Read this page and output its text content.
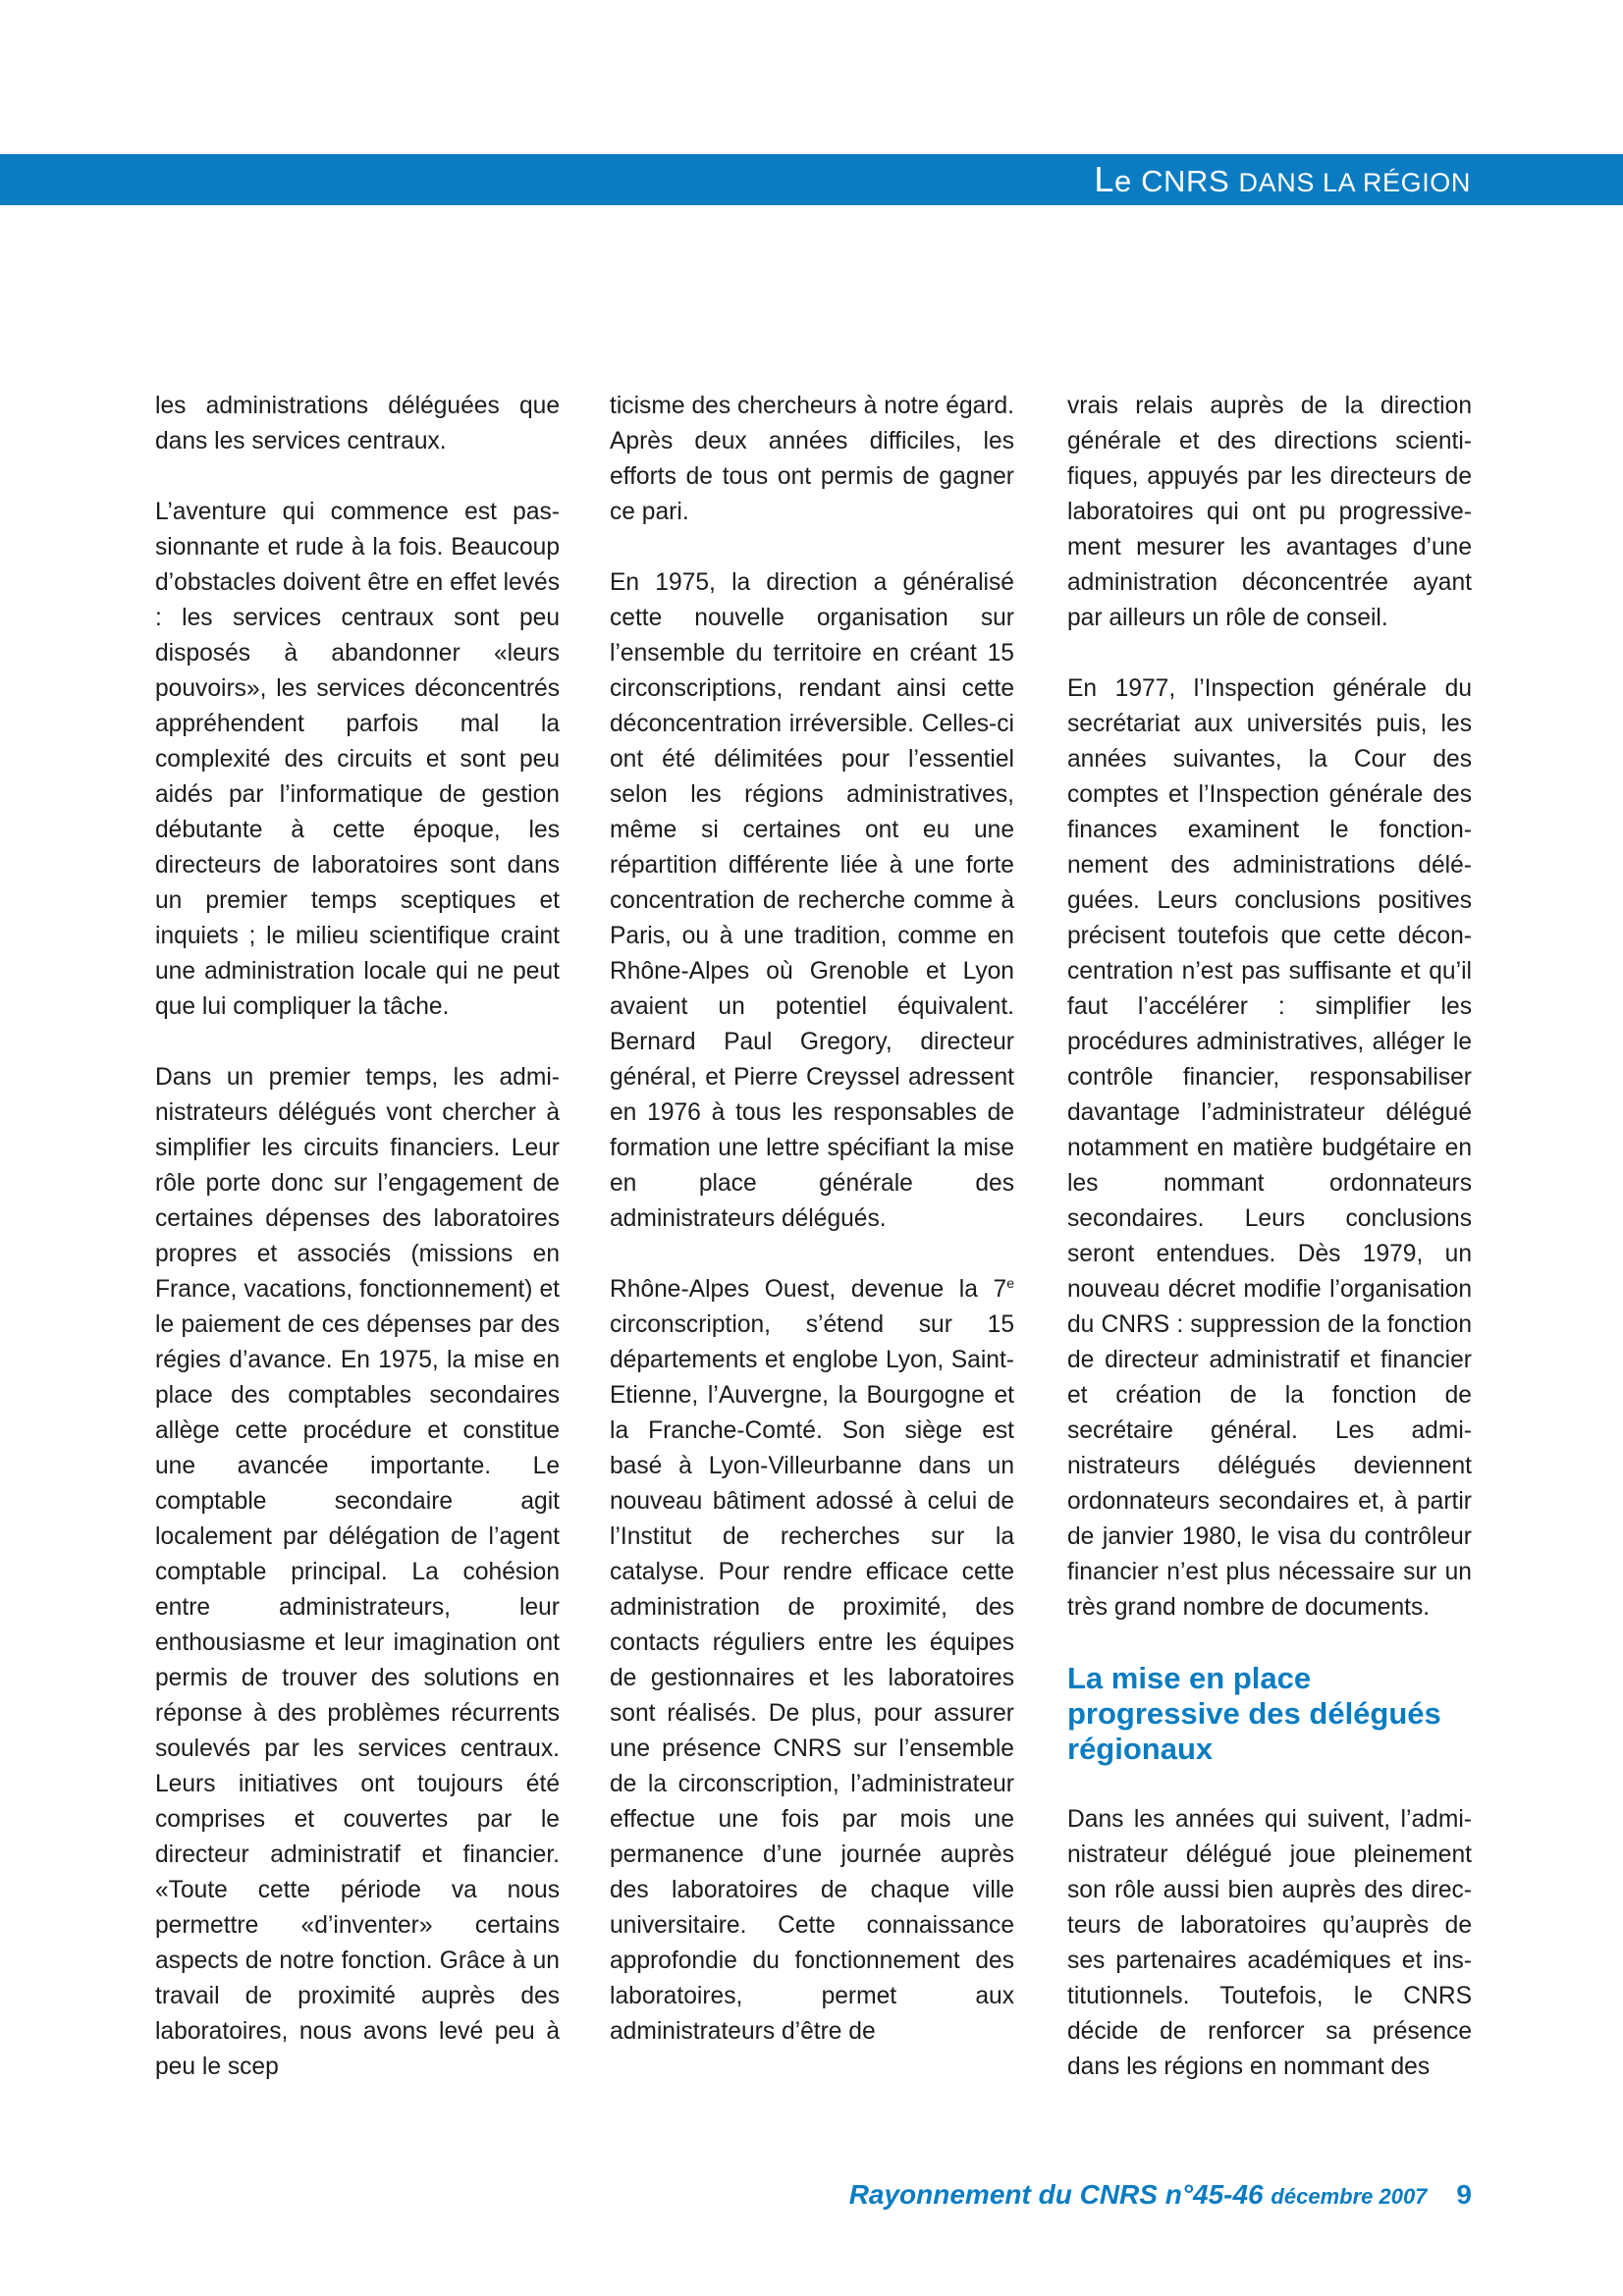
Le CNRS DANS LA RÉGION

les administrations déléguées que dans les services centraux.

L’aventure qui commence est passionnante et rude à la fois. Beaucoup d’obstacles doivent être en effet levés : les services centraux sont peu disposés à abandonner «leurs pouvoirs», les services déconcentrés appréhendent parfois mal la complexité des circuits et sont peu aidés par l’informatique de gestion débutante à cette époque, les directeurs de laboratoires sont dans un premier temps sceptiques et inquiets ; le milieu scientifique craint une administration locale qui ne peut que lui compliquer la tâche.

Dans un premier temps, les administrateurs délégués vont chercher à simplifier les circuits financiers. Leur rôle porte donc sur l’engagement de certaines dépenses des laboratoires propres et associés (missions en France, vacations, fonctionnement) et le paiement de ces dépenses par des régies d’avance. En 1975, la mise en place des comptables secondaires allège cette procédure et constitue une avancée importante. Le comptable secondaire agit localement par délégation de l’agent comptable principal. La cohésion entre administrateurs, leur enthousiasme et leur imagination ont permis de trouver des solutions en réponse à des problèmes récurrents soulevés par les services centraux. Leurs initiatives ont toujours été comprises et couvertes par le directeur administratif et financier. «Toute cette période va nous permettre «d’inventer» certains aspects de notre fonction. Grâce à un travail de proximité auprès des laboratoires, nous avons levé peu à peu le scep

ticisme des chercheurs à notre égard. Après deux années difficiles, les efforts de tous ont permis de gagner ce pari.

En 1975, la direction a généralisé cette nouvelle organisation sur l’ensemble du territoire en créant 15 circonscriptions, rendant ainsi cette déconcentration irréversible. Celles-ci ont été délimitées pour l’essentiel selon les régions administratives, même si certaines ont eu une répartition différente liée à une forte concentration de recherche comme à Paris, ou à une tradition, comme en Rhône-Alpes où Grenoble et Lyon avaient un potentiel équivalent. Bernard Paul Gregory, directeur général, et Pierre Creyssel adressent en 1976 à tous les responsables de formation une lettre spécifiant la mise en place générale des administrateurs délégués.

Rhône-Alpes Ouest, devenue la 7e circonscription, s’étend sur 15 départements et englobe Lyon, Saint-Etienne, l’Auvergne, la Bourgogne et la Franche-Comté. Son siège est basé à Lyon-Villeurbanne dans un nouveau bâtiment adossé à celui de l’Institut de recherches sur la catalyse. Pour rendre efficace cette administration de proximité, des contacts réguliers entre les équipes de gestionnaires et les laboratoires sont réalisés. De plus, pour assurer une présence CNRS sur l’ensemble de la circonscription, l’administrateur effectue une fois par mois une permanence d’une journée auprès des laboratoires de chaque ville universitaire. Cette connaissance approfondie du fonctionnement des laboratoires, permet aux administrateurs d’être de

vrais relais auprès de la direction générale et des directions scientifiques, appuyés par les directeurs de laboratoires qui ont pu progressivement mesurer les avantages d’une administration déconcentrée ayant par ailleurs un rôle de conseil.

En 1977, l’Inspection générale du secrétariat aux universités puis, les années suivantes, la Cour des comptes et l’Inspection générale des finances examinent le fonctionnement des administrations déléguées. Leurs conclusions positives précisent toutefois que cette déconcentration n’est pas suffisante et qu’il faut l’accélérer : simplifier les procédures administratives, alléger le contrôle financier, responsabiliser davantage l’administrateur délégué notamment en matière budgétaire en les nommant ordonnateurs secondaires. Leurs conclusions seront entendues. Dès 1979, un nouveau décret modifie l’organisation du CNRS : suppression de la fonction de directeur administratif et financier et création de la fonction de secrétaire général. Les administrateurs délégués deviennent ordonnateurs secondaires et, à partir de janvier 1980, le visa du contrôleur financier n’est plus nécessaire sur un très grand nombre de documents.

La mise en place progressive des délégués régionaux

Dans les années qui suivent, l’administrateur délégué joue pleinement son rôle aussi bien auprès des directeurs de laboratoires qu’auprès de ses partenaires académiques et institutionnels. Toutefois, le CNRS décide de renforcer sa présence dans les régions en nommant des

Rayonnement du CNRS n°45-46 décembre 2007 9
